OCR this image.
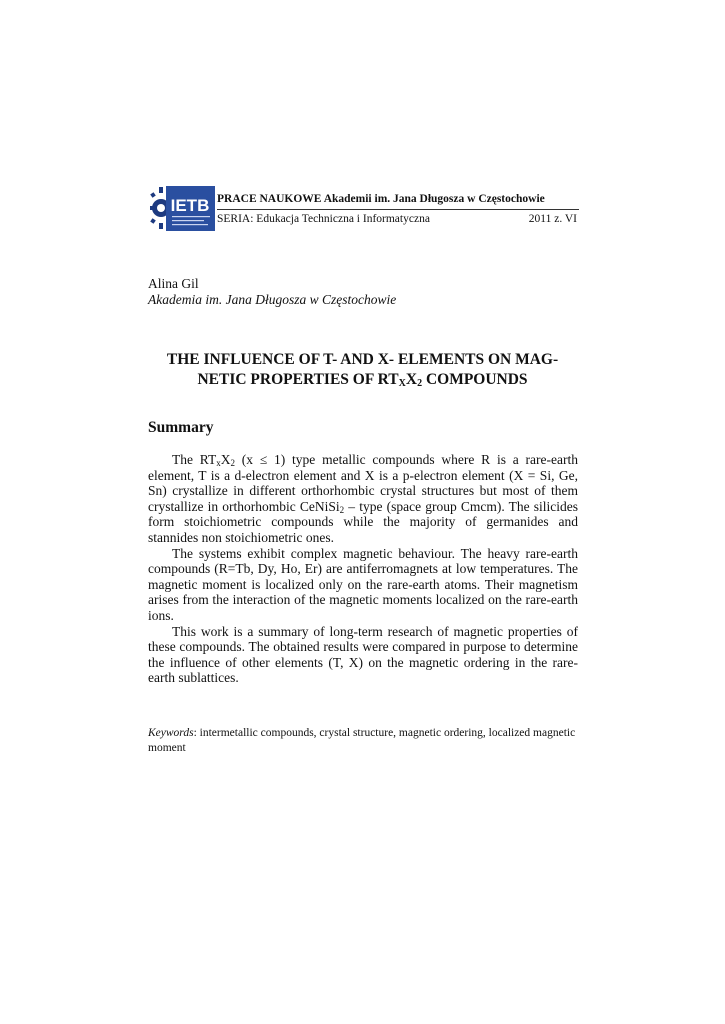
IETB PRACE NAUKOWE Akademii im. Jana Długosza w Częstochowie
SERIA: Edukacja Techniczna i Informatyczna	2011 z. VI
Alina Gil
Akademia im. Jana Długosza w Częstochowie
THE INFLUENCE OF T- AND X- ELEMENTS ON MAG-
NETIC PROPERTIES OF $RT_XX_2$ COMPOUNDS
Summary

The $RT_xX_2$ (x ≤ 1) type metallic compounds where R is a rare-earth element, T is a d-electron element and X is a p-electron element (X = Si, Ge, Sn) crystallize in different orthorhombic crystal structures but most of them crystallize in orthorhombic CeNiSi$_2$ – type (space group Cmcm). The silicides form stoichiometric compounds while the majority of germanides and stannides non stoichiometric ones.

The systems exhibit complex magnetic behaviour. The heavy rare-earth compounds (R=Tb, Dy, Ho, Er) are antiferromagnets at low temperatures. The magnetic moment is localized only on the rare-earth atoms. Their magnetism arises from the interaction of the magnetic moments localized on the rare-earth ions.

This work is a summary of long-term research of magnetic properties of these compounds. The obtained results were compared in purpose to determine the influence of other elements (T, X) on the magnetic ordering in the rare-earth sublattices.

Keywords: intermetallic compounds, crystal structure, magnetic ordering, localized magnetic moment
